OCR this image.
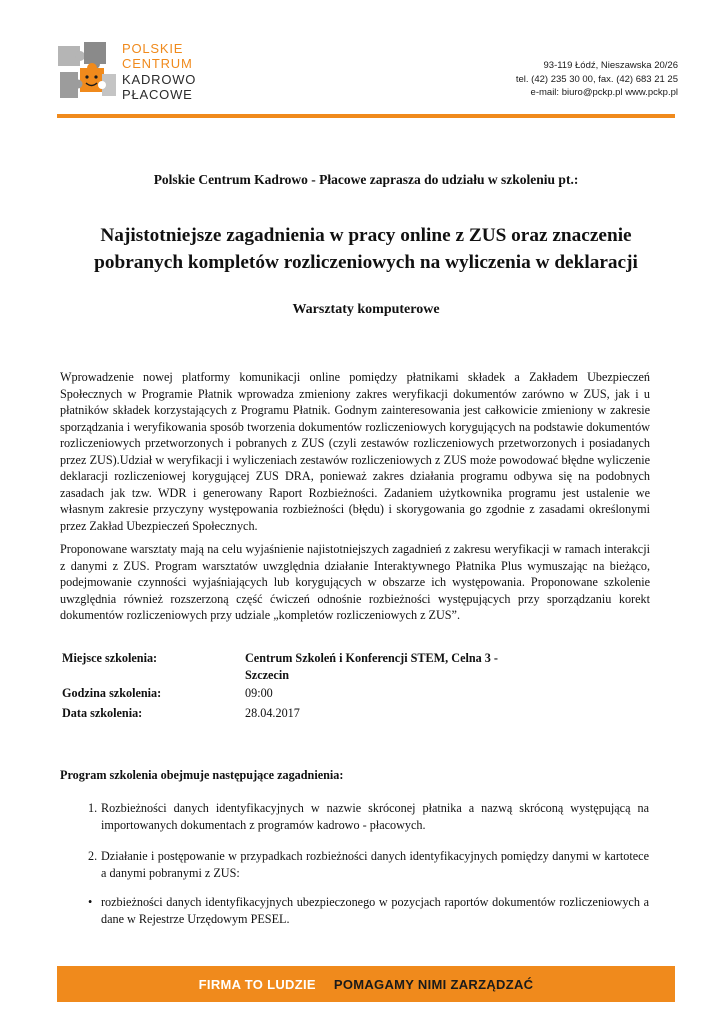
POLSKIE
CENTRUM
KADROWO
PŁACOWE
93-119 Łódź, Nieszawska 20/26
tel. (42) 235 30 00, fax. (42) 683 21 25
e-mail: biuro@pckp.pl www.pckp.pl
Polskie Centrum Kadrowo - Płacowe zaprasza do udziału w szkoleniu pt.:
Najistotniejsze zagadnienia w pracy online z ZUS oraz znaczenie pobranych kompletów rozliczeniowych na wyliczenia w deklaracji
Warsztaty komputerowe
Wprowadzenie nowej platformy komunikacji online pomiędzy płatnikami składek a Zakładem Ubezpieczeń Społecznych w Programie Płatnik wprowadza zmieniony zakres weryfikacji dokumentów zarówno w ZUS, jak i u płatników składek korzystających z Programu Płatnik. Godnym zainteresowania jest całkowicie zmieniony w zakresie sporządzania i weryfikowania sposób tworzenia dokumentów rozliczeniowych korygujących na podstawie dokumentów rozliczeniowych przetworzonych i pobranych z ZUS (czyli zestawów rozliczeniowych przetworzonych i posiadanych przez ZUS).Udział w weryfikacji i wyliczeniach zestawów rozliczeniowych z ZUS może powodować błędne wyliczenie deklaracji rozliczeniowej korygującej ZUS DRA, ponieważ zakres działania programu odbywa się na podobnych zasadach jak tzw. WDR i generowany Raport Rozbieżności. Zadaniem użytkownika programu jest ustalenie we własnym zakresie przyczyny występowania rozbieżności (błędu) i skorygowania go zgodnie z zasadami określonymi przez Zakład Ubezpieczeń Społecznych.
Proponowane warsztaty mają na celu wyjaśnienie najistotniejszych zagadnień z zakresu weryfikacji w ramach interakcji z danymi z ZUS. Program warsztatów uwzględnia działanie Interaktywnego Płatnika Plus wymuszając na bieżąco, podejmowanie czynności wyjaśniających lub korygujących w obszarze ich występowania. Proponowane szkolenie uwzględnia również rozszerzoną część ćwiczeń odnośnie rozbieżności występujących przy sporządzaniu korekt dokumentów rozliczeniowych przy udziale „kompletów rozliczeniowych z ZUS”.
Miejsce szkolenia:	Centrum Szkoleń i Konferencji STEM, Celna 3 - Szczecin
Godzina szkolenia:	09:00
Data szkolenia:	28.04.2017
Program szkolenia obejmuje następujące zagadnienia:
1. Rozbieżności danych identyfikacyjnych w nazwie skróconej płatnika a nazwą skróconą występującą na importowanych dokumentach z programów kadrowo - płacowych.
2. Działanie i postępowanie w przypadkach rozbieżności danych identyfikacyjnych pomiędzy danymi w kartotece a danymi pobranymi z ZUS:
• rozbieżności danych identyfikacyjnych ubezpieczonego w pozycjach raportów dokumentów rozliczeniowych a dane w Rejestrze Urzędowym PESEL.
FIRMA TO LUDZIE POMAGAMY NIMI ZARZĄDZAĆ
